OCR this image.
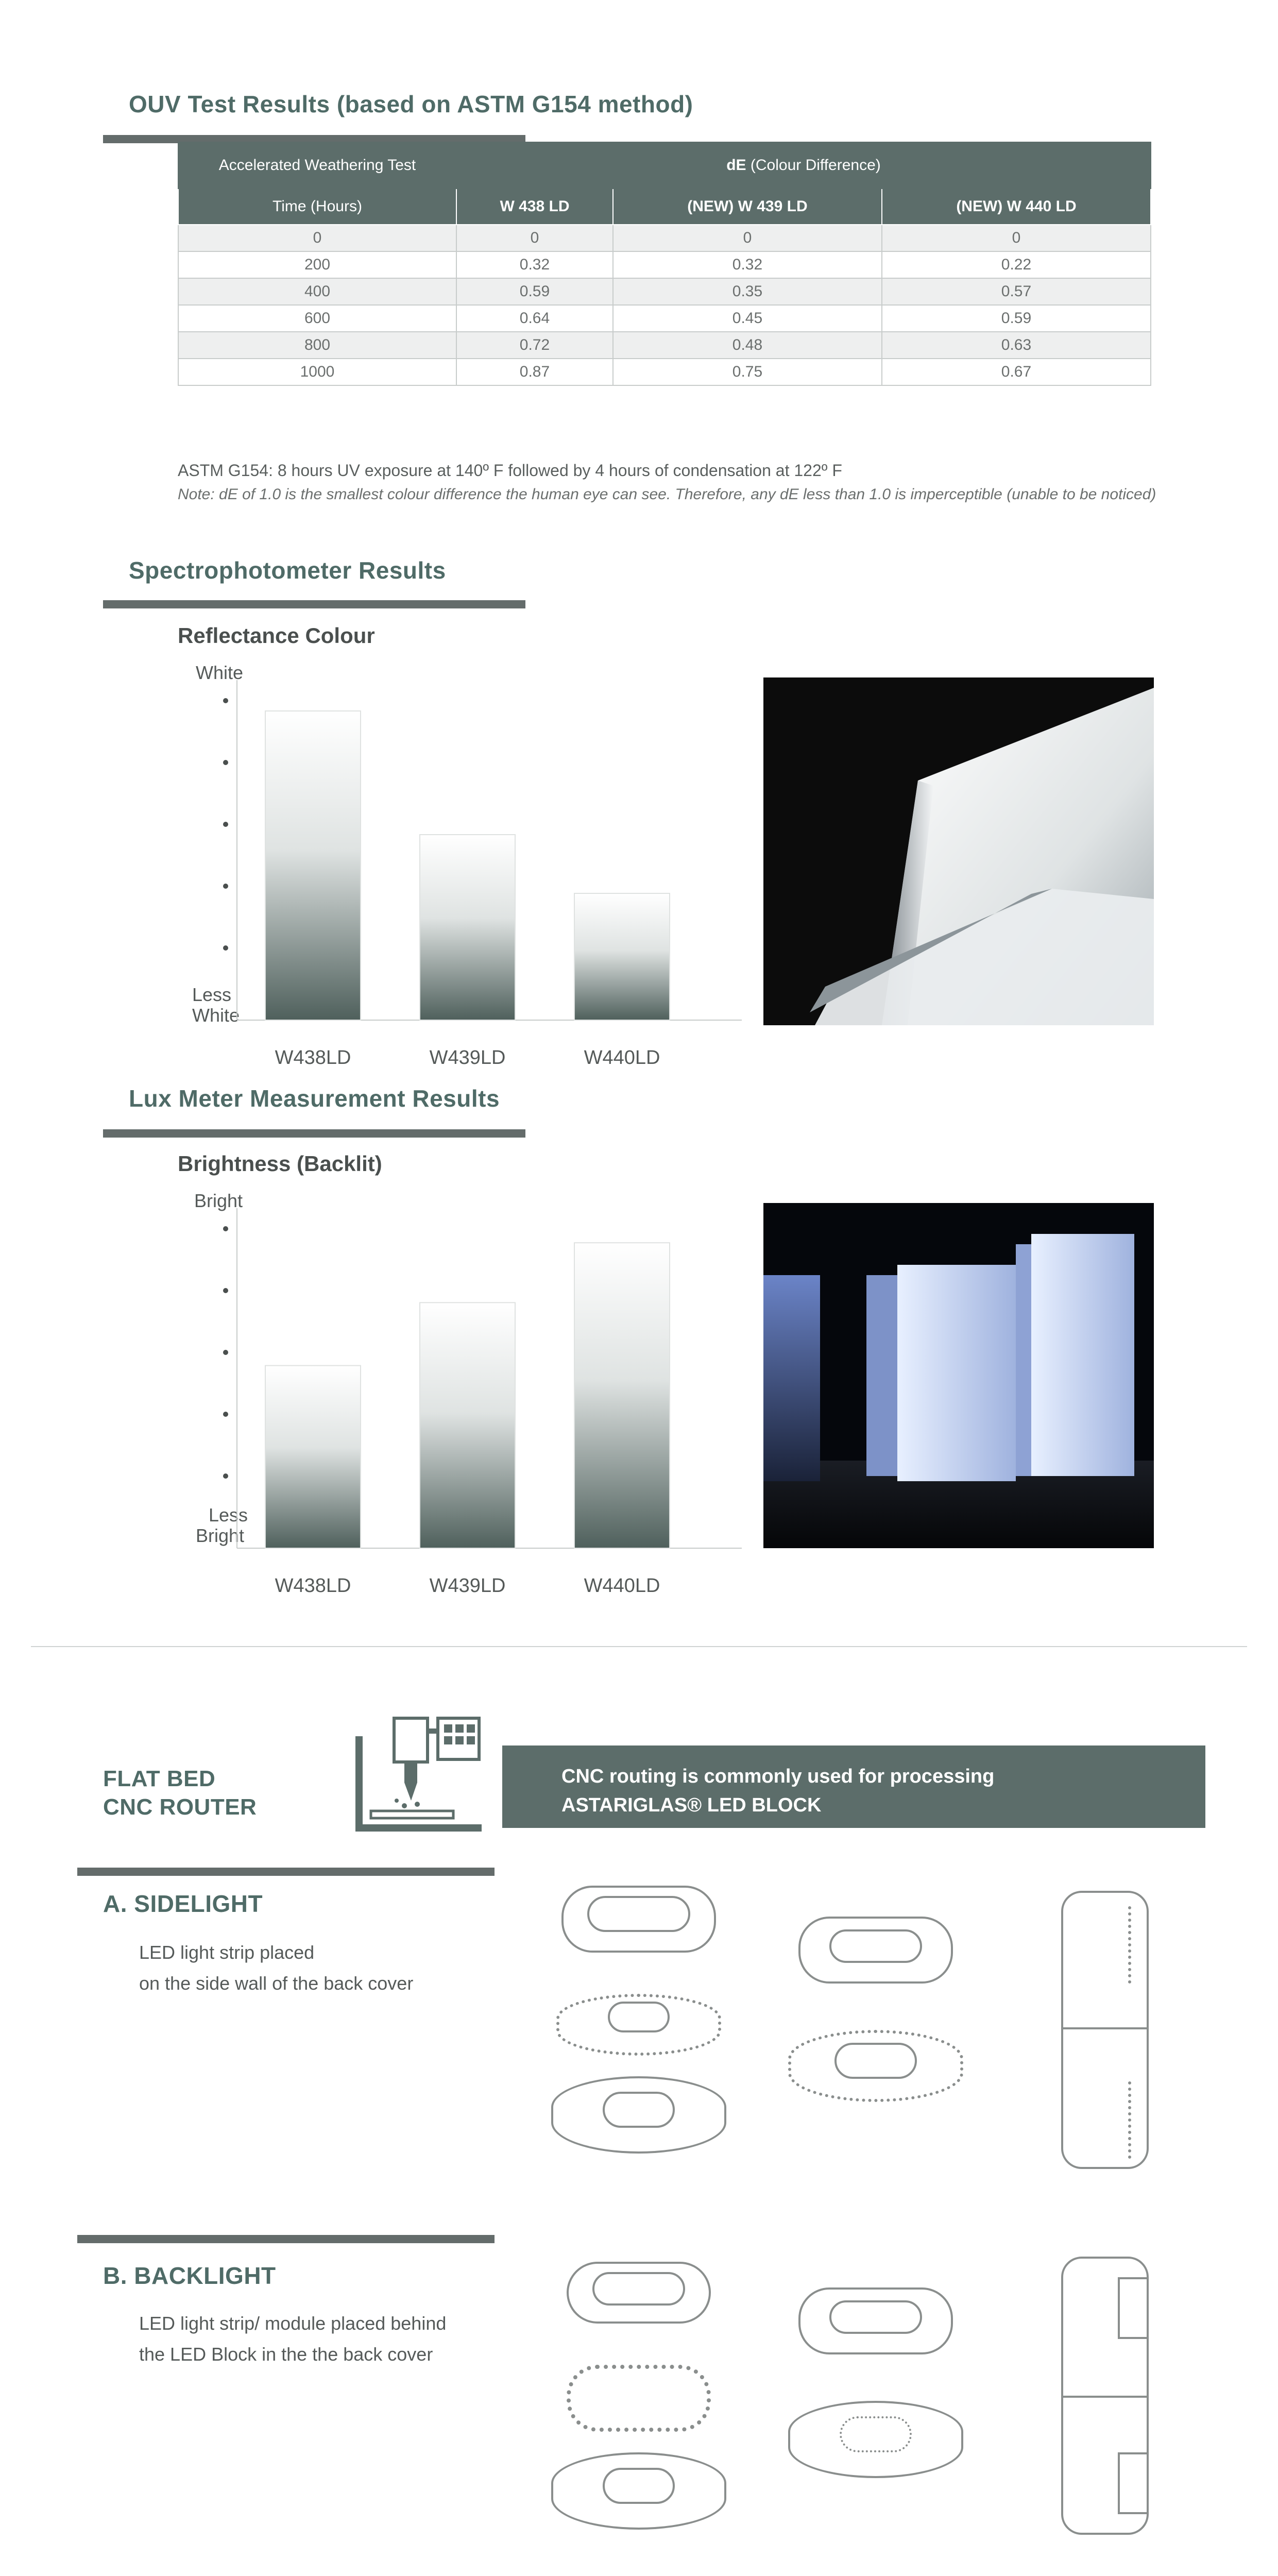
OUV Test Results (based on ASTM G154 method)
Accelerated Weathering Test	dE (Colour Difference)		
Time (Hours)	W 438 LD	(NEW) W 439 LD	(NEW) W 440 LD
0	0	0	0
200	0.32	0.32	0.22
400	0.59	0.35	0.57
600	0.64	0.45	0.59
800	0.72	0.48	0.63
1000	0.87	0.75	0.67
ASTM G154: 8 hours UV exposure at 140º F followed by 4 hours of condensation at 122º F
Note: dE of 1.0 is the smallest colour difference the human eye can see. Therefore, any dE less than 1.0 is imperceptible (unable to be noticed)
Spectrophotometer Results
Reflectance Colour
White
Less
White
W438LD	W439LD	W440LD
Lux Meter Measurement Results
Brightness (Backlit)
Bright
Less
Bright
W438LD	W439LD	W440LD
FLAT BED
CNC ROUTER
CNC routing is commonly used for processing
ASTARIGLAS® LED BLOCK
A. SIDELIGHT
LED light strip placed
on the side wall of the back cover
B. BACKLIGHT
LED light strip/ module placed behind
the LED Block in the the back cover
